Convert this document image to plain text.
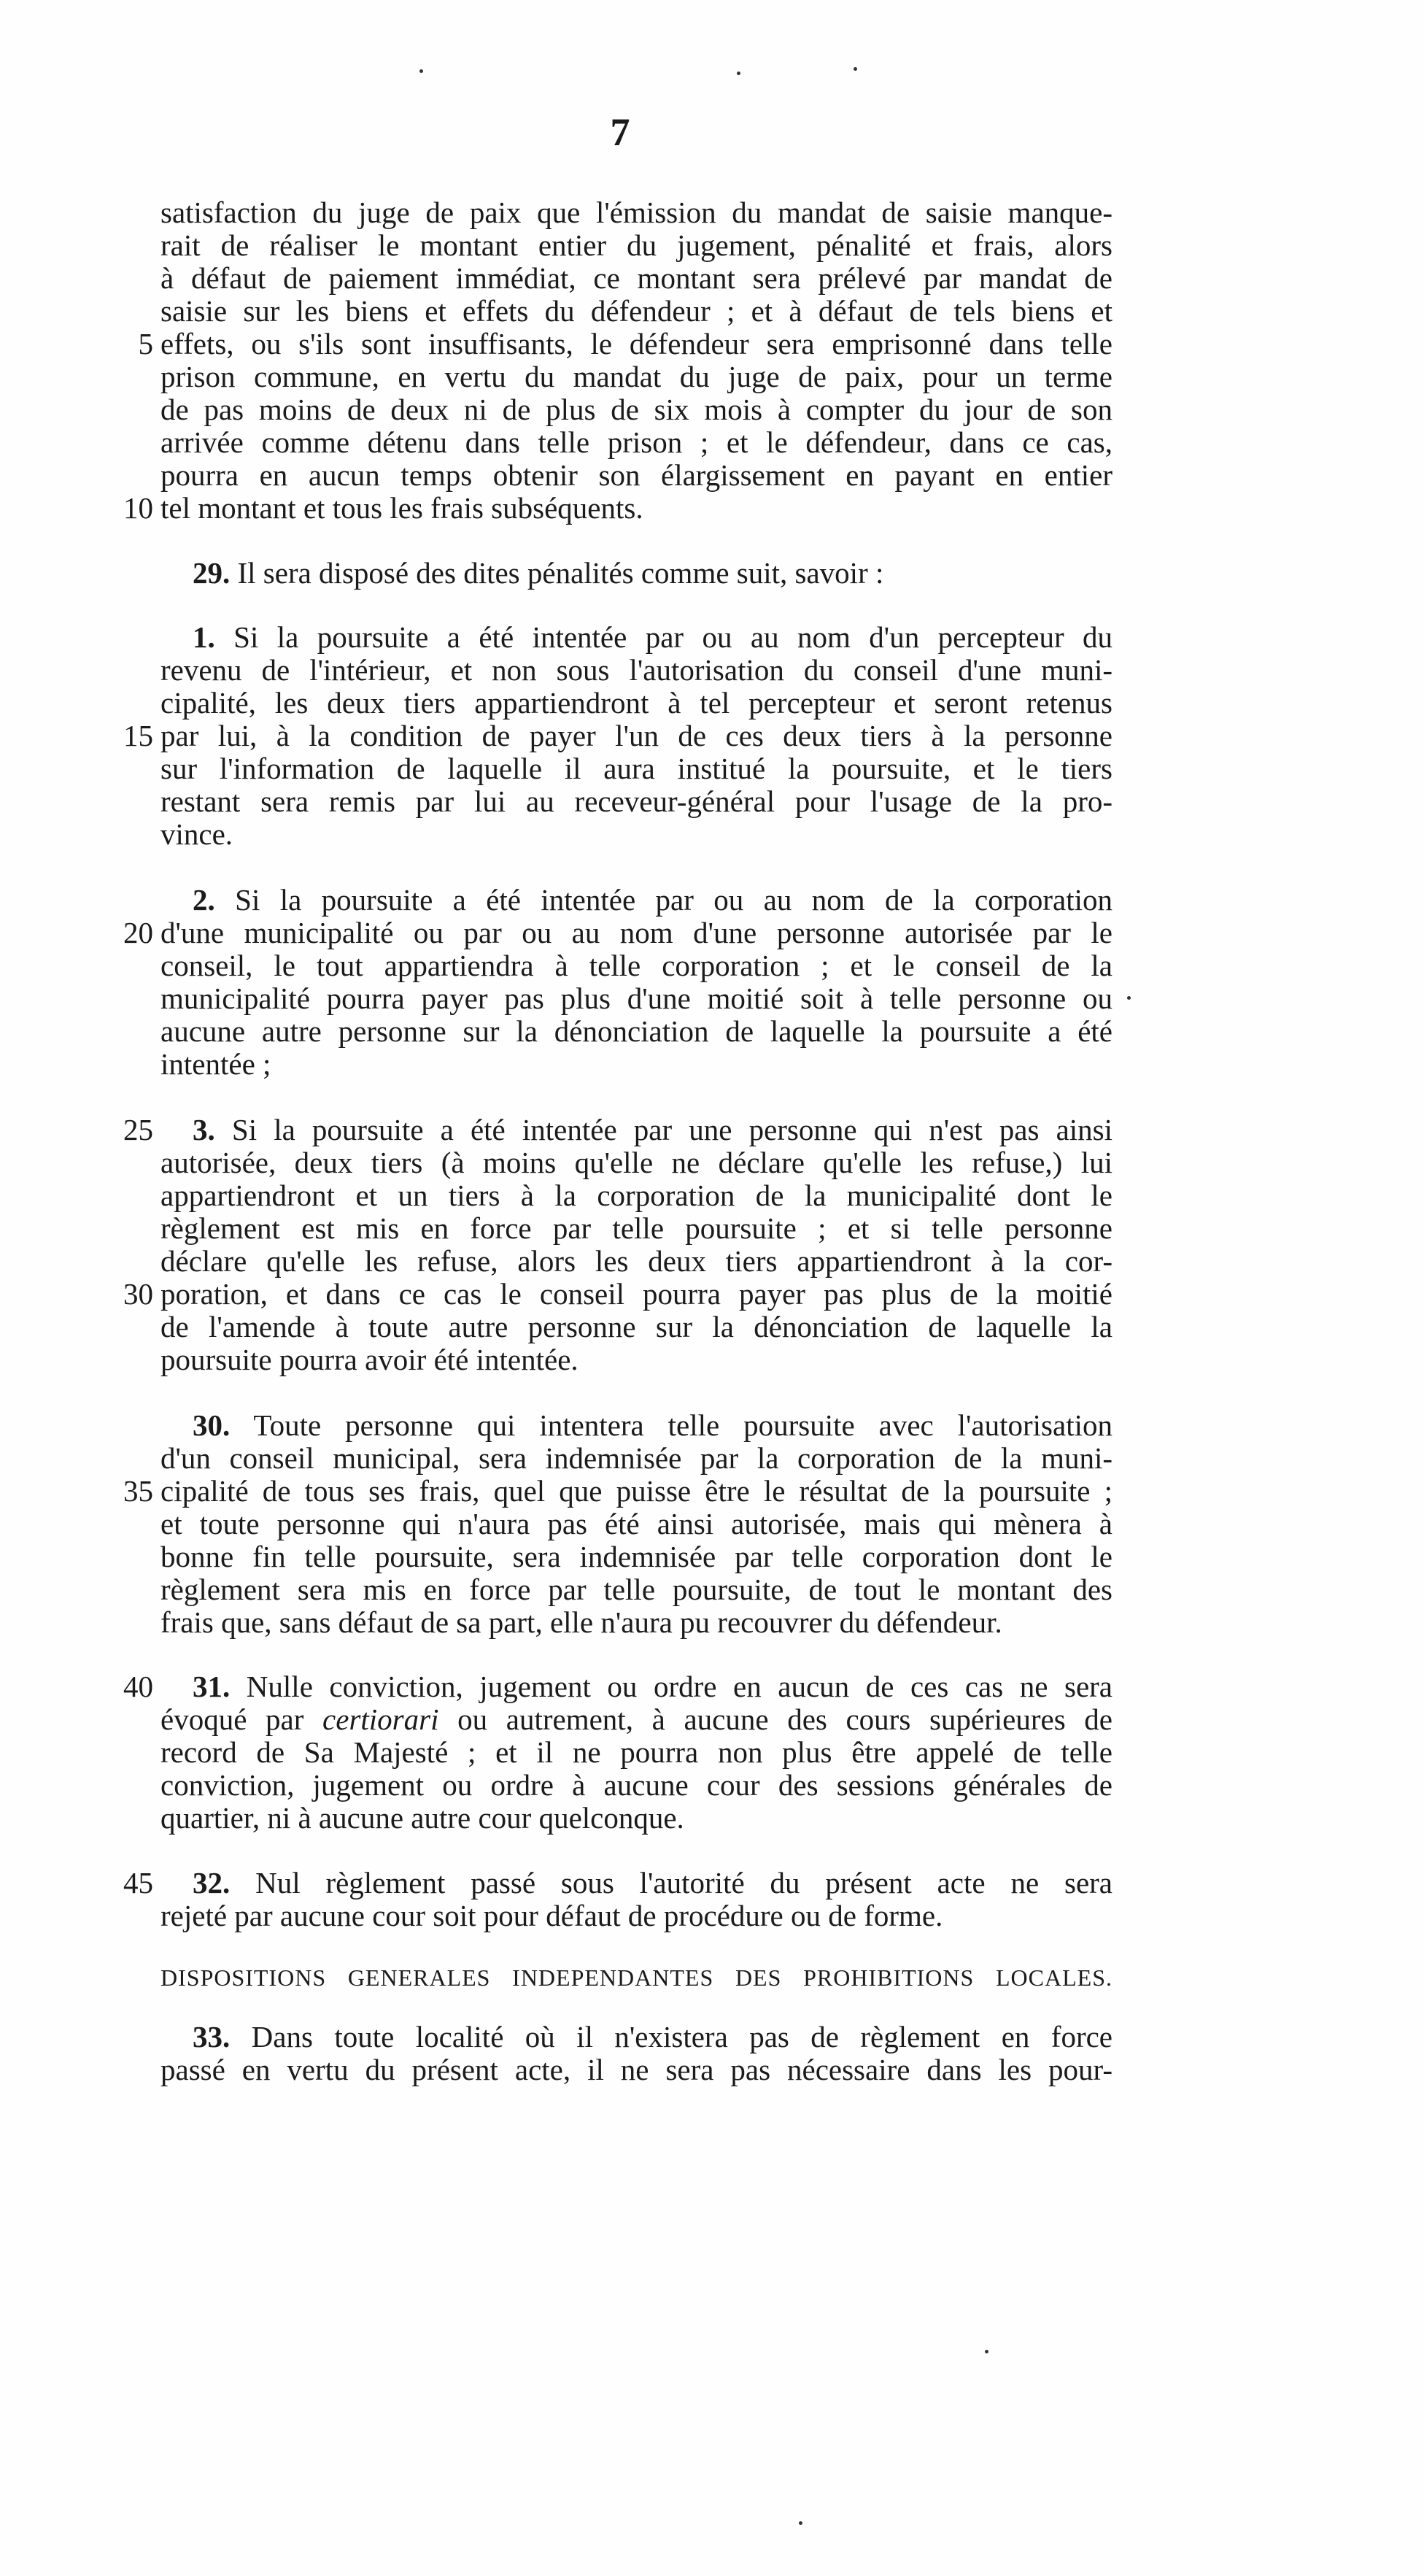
7
satisfaction du juge de paix que l'émission du mandat de saisie manque-
rait de réaliser le montant entier du jugement, pénalité et frais, alors
à défaut de paiement immédiat, ce montant sera prélevé par mandat de
saisie sur les biens et effets du défendeur ; et à défaut de tels biens et
5 effets, ou s'ils sont insuffisants, le défendeur sera emprisonné dans telle
prison commune, en vertu du mandat du juge de paix, pour un terme
de pas moins de deux ni de plus de six mois à compter du jour de son
arrivée comme détenu dans telle prison ; et le défendeur, dans ce cas,
pourra en aucun temps obtenir son élargissement en payant en entier
10 tel montant et tous les frais subséquents.
29. Il sera disposé des dites pénalités comme suit, savoir :
1. Si la poursuite a été intentée par ou au nom d'un percepteur du
revenu de l'intérieur, et non sous l'autorisation du conseil d'une muni-
cipalité, les deux tiers appartiendront à tel percepteur et seront retenus
15 par lui, à la condition de payer l'un de ces deux tiers à la personne
sur l'information de laquelle il aura institué la poursuite, et le tiers
restant sera remis par lui au receveur-général pour l'usage de la pro-
vince.
2. Si la poursuite a été intentée par ou au nom de la corporation
20 d'une municipalité ou par ou au nom d'une personne autorisée par le
conseil, le tout appartiendra à telle corporation ; et le conseil de la
municipalité pourra payer pas plus d'une moitié soit à telle personne ou
aucune autre personne sur la dénonciation de laquelle la poursuite a été
intentée ;
25 3. Si la poursuite a été intentée par une personne qui n'est pas ainsi
autorisée, deux tiers (à moins qu'elle ne déclare qu'elle les refuse,) lui
appartiendront et un tiers à la corporation de la municipalité dont le
règlement est mis en force par telle poursuite ; et si telle personne
déclare qu'elle les refuse, alors les deux tiers appartiendront à la cor-
30 poration, et dans ce cas le conseil pourra payer pas plus de la moitié
de l'amende à toute autre personne sur la dénonciation de laquelle la
poursuite pourra avoir été intentée.
30. Toute personne qui intentera telle poursuite avec l'autorisation
d'un conseil municipal, sera indemnisée par la corporation de la muni-
35 cipalité de tous ses frais, quel que puisse être le résultat de la poursuite ;
et toute personne qui n'aura pas été ainsi autorisée, mais qui mènera à
bonne fin telle poursuite, sera indemnisée par telle corporation dont le
règlement sera mis en force par telle poursuite, de tout le montant des
frais que, sans défaut de sa part, elle n'aura pu recouvrer du défendeur.
40 31. Nulle conviction, jugement ou ordre en aucun de ces cas ne sera
évoqué par certiorari ou autrement, à aucune des cours supérieures de
record de Sa Majesté ; et il ne pourra non plus être appelé de telle
conviction, jugement ou ordre à aucune cour des sessions générales de
quartier, ni à aucune autre cour quelconque.
45 32. Nul règlement passé sous l'autorité du présent acte ne sera
rejeté par aucune cour soit pour défaut de procédure ou de forme.
DISPOSITIONS GENERALES INDEPENDANTES DES PROHIBITIONS LOCALES.
33. Dans toute localité où il n'existera pas de règlement en force
passé en vertu du présent acte, il ne sera pas nécessaire dans les pour-
